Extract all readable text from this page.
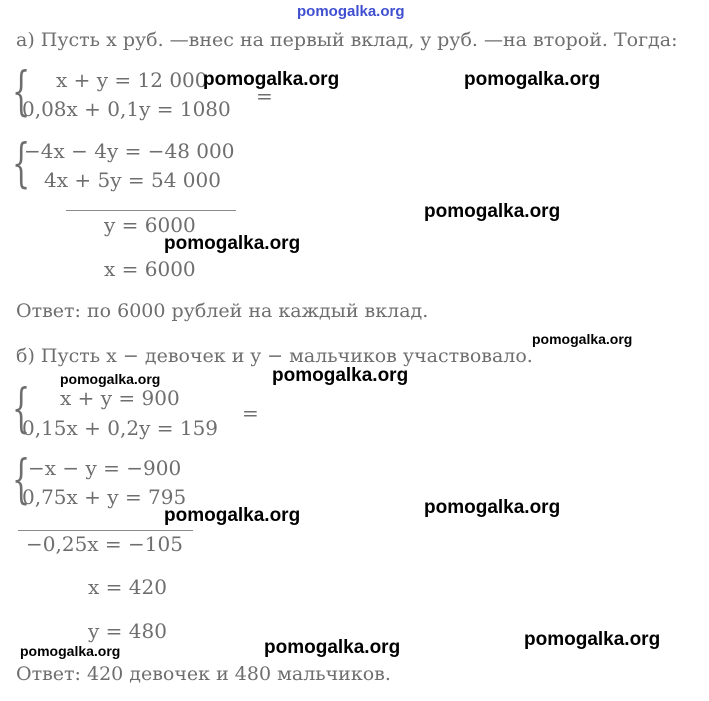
pomogalka.org
а) Пусть x руб. —внес на первый вклад, y руб. —на второй. Тогда:
{ x + y = 12 000
0,08x + 0,1y = 1080
=
{
−4x − 4y = −48 000
4x + 5y = 54 000
y = 6000
x = 6000
Ответ: по 6000 рублей на каждый вклад.
б) Пусть x − девочек и y − мальчиков участвовало.
{ x + y = 900
0,15x + 0,2y = 159
=
{
−x − y = −900
0,75x + y = 795
−0,25x = −105
x = 420
y = 480
Ответ: 420 девочек и 480 мальчиков.
pomogalka.org	pomogalka.org
pomogalka.org
pomogalka.org
pomogalka.org
pomogalka.org
pomogalka.org
pomogalka.org
pomogalka.org
pomogalka.org
pomogalka.org
pomogalka.org
